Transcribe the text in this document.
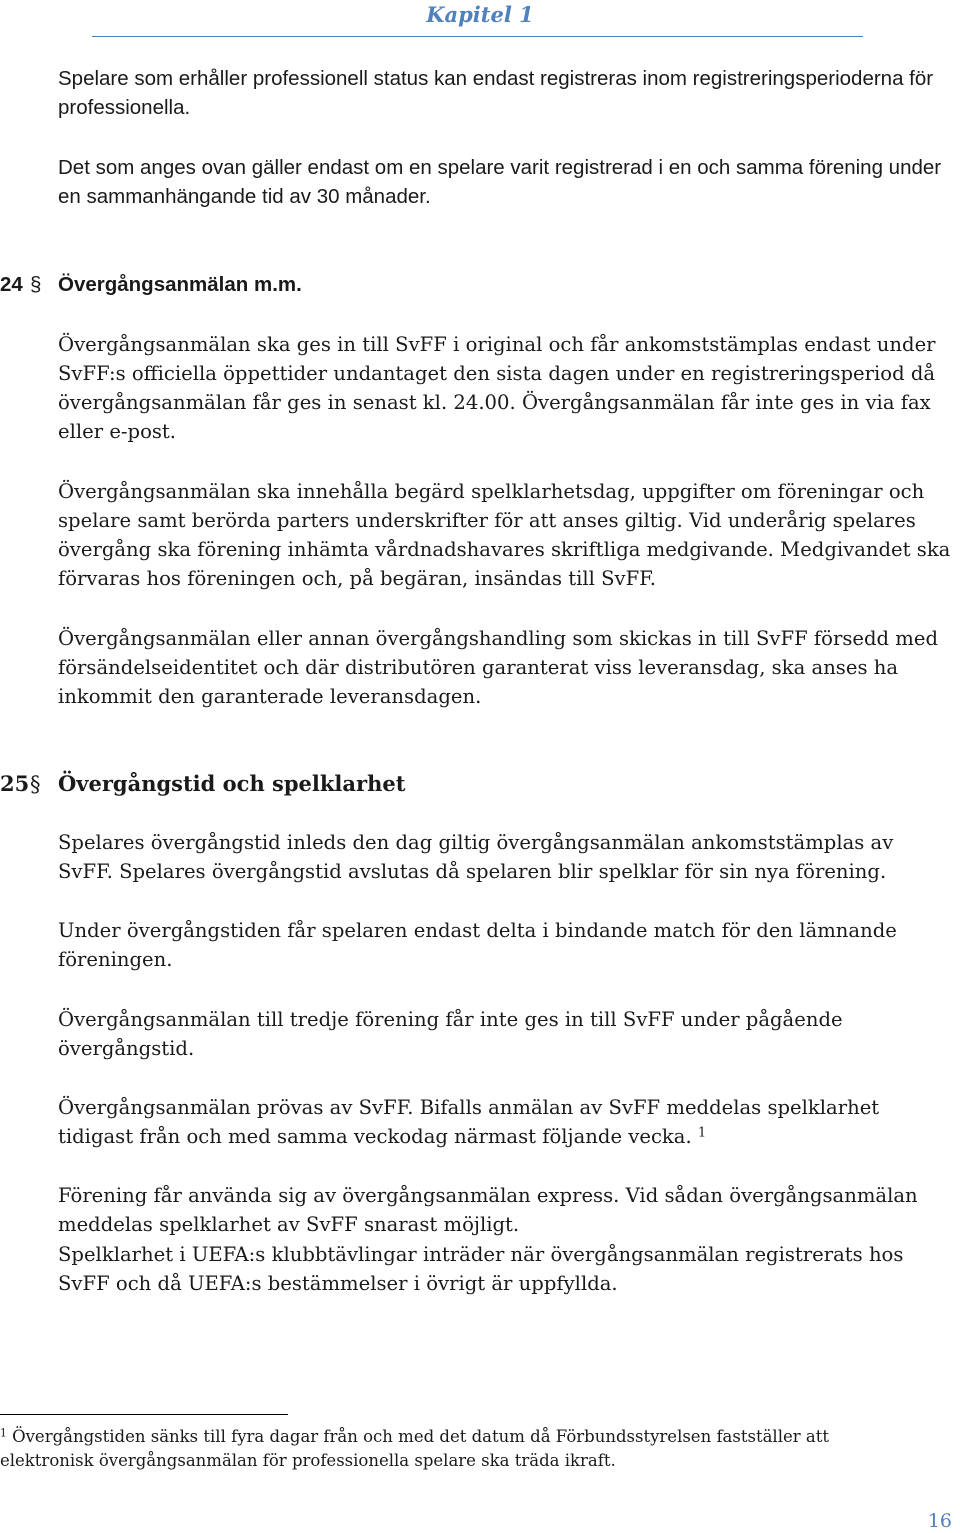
Kapitel 1

Spelare som erhåller professionell status kan endast registreras inom registreringsperioderna för professionella.

Det som anges ovan gäller endast om en spelare varit registrerad i en och samma förening under en sammanhängande tid av 30 månader.

24 § Övergångsanmälan m.m.

Övergångsanmälan ska ges in till SvFF i original och får ankomststämplas endast under SvFF:s officiella öppettider undantaget den sista dagen under en registreringsperiod då övergångsanmälan får ges in senast kl. 24.00. Övergångsanmälan får inte ges in via fax eller e-post.

Övergångsanmälan ska innehålla begärd spelklarhetsdag, uppgifter om föreningar och spelare samt berörda parters underskrifter för att anses giltig. Vid underårig spelares övergång ska förening inhämta vårdnadshavares skriftliga medgivande. Medgivandet ska förvaras hos föreningen och, på begäran, insändas till SvFF.

Övergångsanmälan eller annan övergångshandling som skickas in till SvFF försedd med försändelseidentitet och där distributören garanterat viss leveransdag, ska anses ha inkommit den garanterade leveransdagen.

25§ Övergångstid och spelklarhet

Spelares övergångstid inleds den dag giltig övergångsanmälan ankomststämplas av SvFF. Spelares övergångstid avslutas då spelaren blir spelklar för sin nya förening.

Under övergångstiden får spelaren endast delta i bindande match för den lämnande föreningen.

Övergångsanmälan till tredje förening får inte ges in till SvFF under pågående övergångstid.

Övergångsanmälan prövas av SvFF. Bifalls anmälan av SvFF meddelas spelklarhet tidigast från och med samma veckodag närmast följande vecka. $^1$

Förening får använda sig av övergångsanmälan express. Vid sådan övergångsanmälan meddelas spelklarhet av SvFF snarast möjligt.

Spelklarhet i UEFA:s klubbtävlingar inträder när övergångsanmälan registrerats hos SvFF och då UEFA:s bestämmelser i övrigt är uppfyllda.

$^1$ Övergångstiden sänks till fyra dagar från och med det datum då Förbundsstyrelsen fastställer att elektronisk övergångsanmälan för professionella spelare ska träda ikraft.

16
